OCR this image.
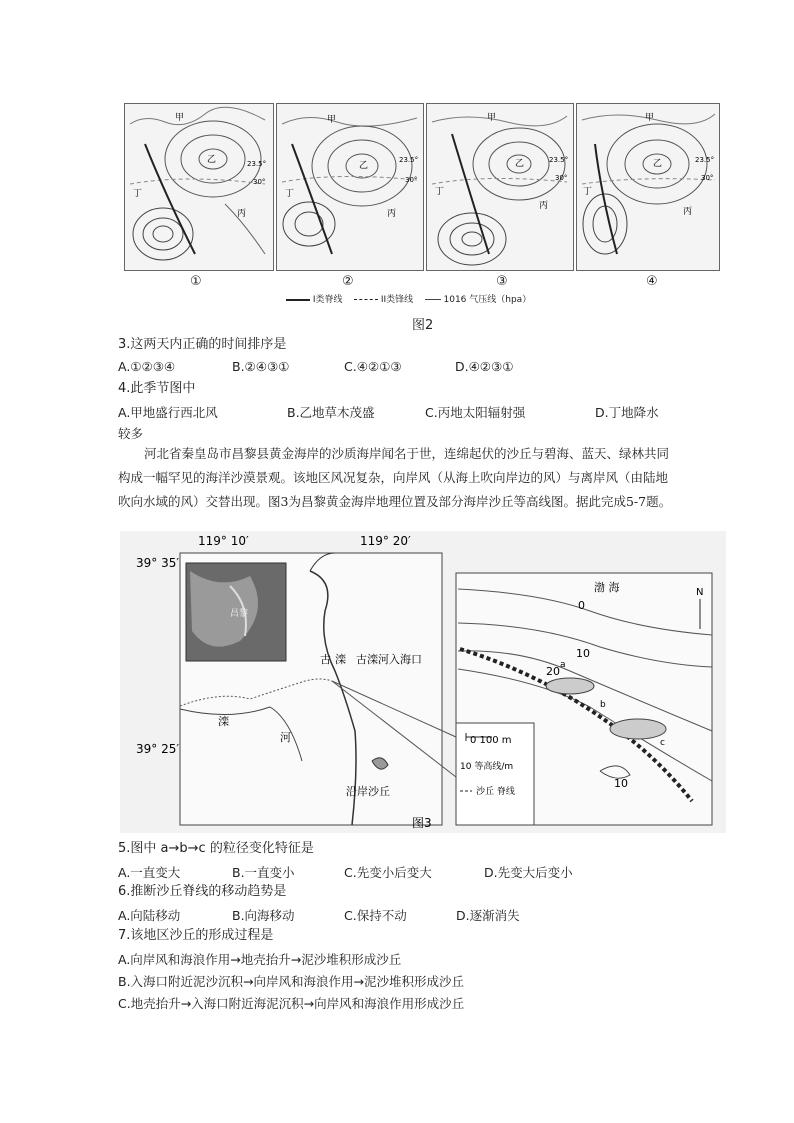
甲
乙
丙
丁
23.5°
30°
①
甲
乙
丙
丁
23.5°
30°
②
甲
乙
丙
丁
23.5°
30°
③
甲
乙
丙
丁
23.5°
30°
④
I类脊线	II类锋线	1016 气压线（hpa）
图2
3.这两天内正确的时间排序是
A.①②③④	B.②④③①	C.④②①③	D.④②③①
4.此季节图中
A.甲地盛行西北风	B.乙地草木茂盛	C.丙地太阳辐射强	D.丁地降水
较多
河北省秦皇岛市昌黎县黄金海岸的沙质海岸闻名于世，连绵起伏的沙丘与碧海、蓝天、绿林共同构成一幅罕见的海洋沙漠景观。该地区风况复杂，向岸风（从海上吹向岸边的风）与离岸风（由陆地吹向水域的风）交替出现。图3为昌黎黄金海岸地理位置及部分海岸沙丘等高线图。据此完成5-7题。
昌黎
古 滦
滦
河
古滦河入海口
沿岸沙丘
119° 10′	119° 20′
39° 35′
39° 25′
渤 海	N
0
10
20
10
a
b
c
0 100 m
10 等高线/m
沙丘 脊线
图3
5.图中 a→b→c 的粒径变化特征是
A.一直变大	B.一直变小	C.先变小后变大	D.先变大后变小
6.推断沙丘脊线的移动趋势是
A.向陆移动	B.向海移动	C.保持不动	D.逐渐消失
7.该地区沙丘的形成过程是
A.向岸风和海浪作用→地壳抬升→泥沙堆积形成沙丘
B.入海口附近泥沙沉积→向岸风和海浪作用→泥沙堆积形成沙丘
C.地壳抬升→入海口附近海泥沉积→向岸风和海浪作用形成沙丘
